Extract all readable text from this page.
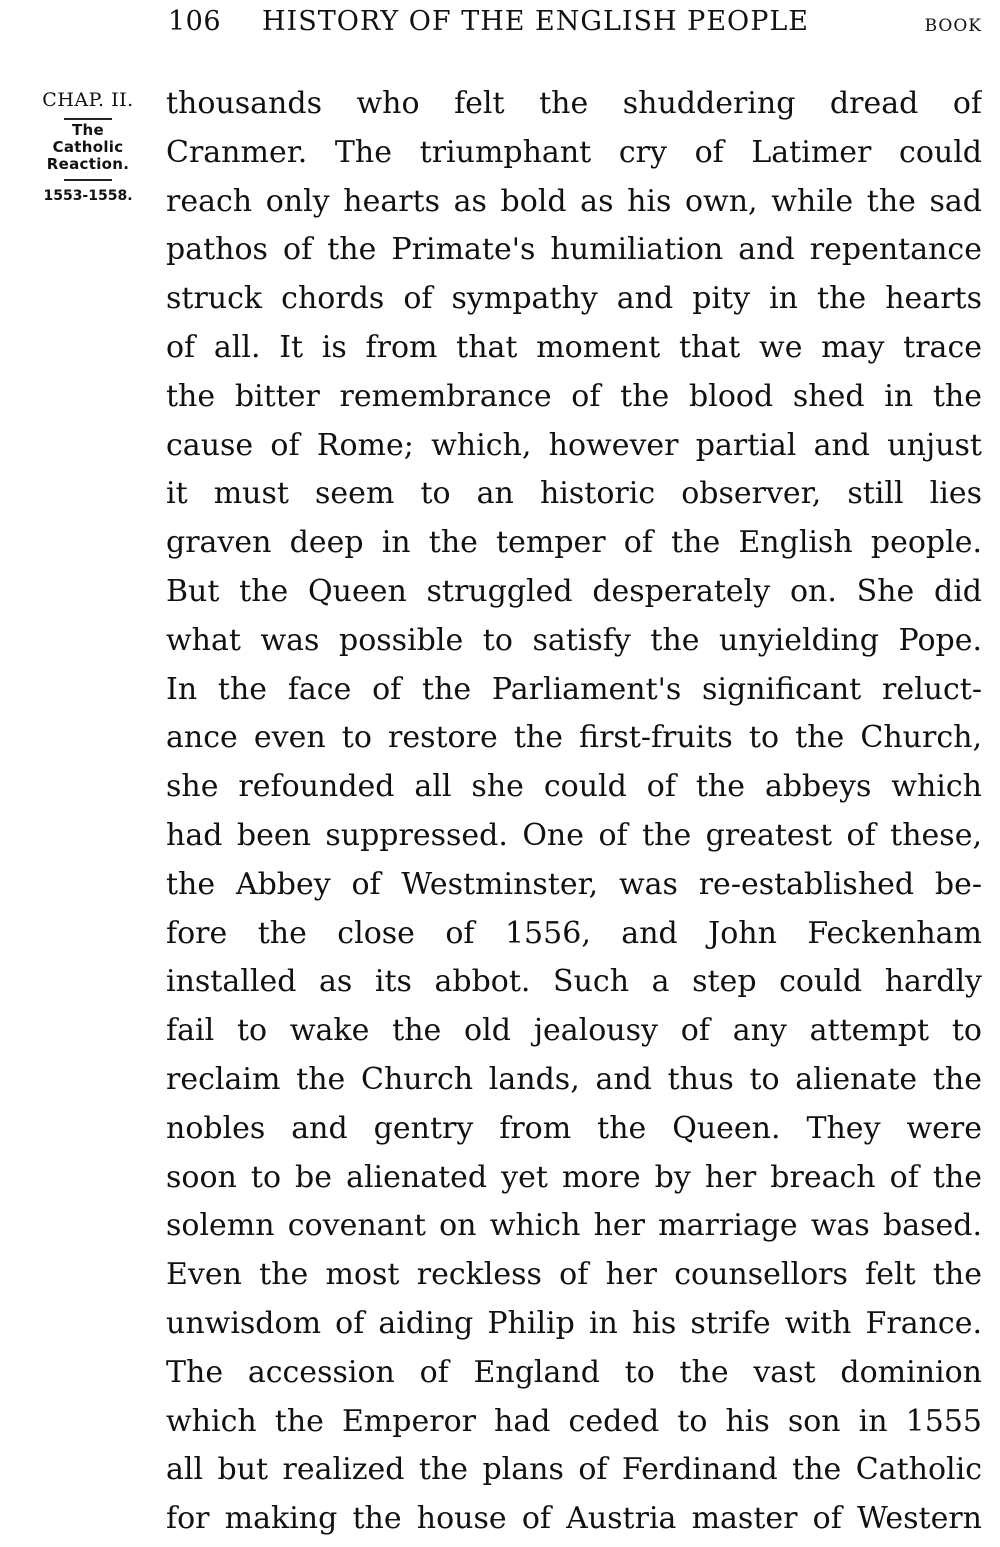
106 HISTORY OF THE ENGLISH PEOPLE	BOOK
CHAP. II.
The
Catholic
Reaction.
1553-1558.
thousands who felt the shuddering dread of
Cranmer. The triumphant cry of Latimer could
reach only hearts as bold as his own, while the sad
pathos of the Primate's humiliation and repentance
struck chords of sympathy and pity in the hearts
of all. It is from that moment that we may trace
the bitter remembrance of the blood shed in the
cause of Rome; which, however partial and unjust
it must seem to an historic observer, still lies
graven deep in the temper of the English people.
But the Queen struggled desperately on. She did
what was possible to satisfy the unyielding Pope.
In the face of the Parliament's significant reluct-
ance even to restore the first-fruits to the Church,
she refounded all she could of the abbeys which
had been suppressed. One of the greatest of these,
the Abbey of Westminster, was re-established be-
fore the close of 1556, and John Feckenham
installed as its abbot. Such a step could hardly
fail to wake the old jealousy of any attempt to
reclaim the Church lands, and thus to alienate the
nobles and gentry from the Queen. They were
soon to be alienated yet more by her breach of the
solemn covenant on which her marriage was based.
Even the most reckless of her counsellors felt the
unwisdom of aiding Philip in his strife with France.
The accession of England to the vast dominion
which the Emperor had ceded to his son in 1555
all but realized the plans of Ferdinand the Catholic
for making the house of Austria master of Western
